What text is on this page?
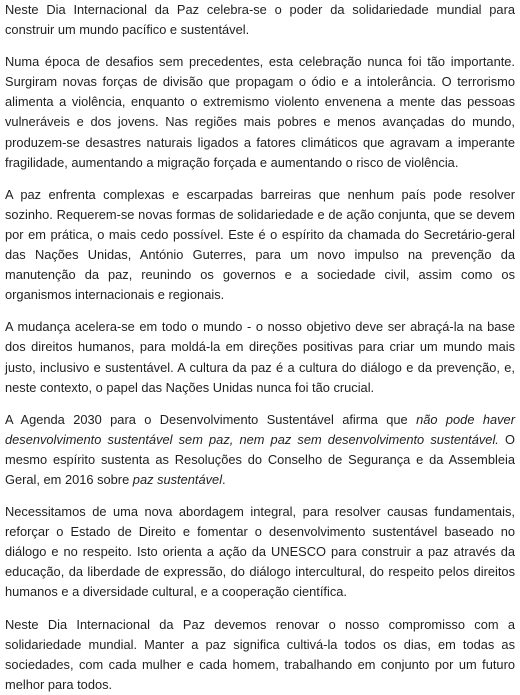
Neste Dia Internacional da Paz celebra-se o poder da solidariedade mundial para construir um mundo pacífico e sustentável.

Numa época de desafios sem precedentes, esta celebração nunca foi tão importante. Surgiram novas forças de divisão que propagam o ódio e a intolerância. O terrorismo alimenta a violência, enquanto o extremismo violento envenena a mente das pessoas vulneráveis e dos jovens. Nas regiões mais pobres e menos avançadas do mundo, produzem-se desastres naturais ligados a fatores climáticos que agravam a imperante fragilidade, aumentando a migração forçada e aumentando o risco de violência.

A paz enfrenta complexas e escarpadas barreiras que nenhum país pode resolver sozinho. Requerem-se novas formas de solidariedade e de ação conjunta, que se devem por em prática, o mais cedo possível. Este é o espírito da chamada do Secretário-geral das Nações Unidas, António Guterres, para um novo impulso na prevenção da manutenção da paz, reunindo os governos e a sociedade civil, assim como os organismos internacionais e regionais.

A mudança acelera-se em todo o mundo - o nosso objetivo deve ser abraçá-la na base dos direitos humanos, para moldá-la em direções positivas para criar um mundo mais justo, inclusivo e sustentável. A cultura da paz é a cultura do diálogo e da prevenção, e, neste contexto, o papel das Nações Unidas nunca foi tão crucial.

A Agenda 2030 para o Desenvolvimento Sustentável afirma que não pode haver desenvolvimento sustentável sem paz, nem paz sem desenvolvimento sustentável. O mesmo espírito sustenta as Resoluções do Conselho de Segurança e da Assembleia Geral, em 2016 sobre paz sustentável.

Necessitamos de uma nova abordagem integral, para resolver causas fundamentais, reforçar o Estado de Direito e fomentar o desenvolvimento sustentável baseado no diálogo e no respeito. Isto orienta a ação da UNESCO para construir a paz através da educação, da liberdade de expressão, do diálogo intercultural, do respeito pelos direitos humanos e a diversidade cultural, e a cooperação científica.

Neste Dia Internacional da Paz devemos renovar o nosso compromisso com a solidariedade mundial. Manter a paz significa cultivá-la todos os dias, em todas as sociedades, com cada mulher e cada homem, trabalhando em conjunto por um futuro melhor para todos.
